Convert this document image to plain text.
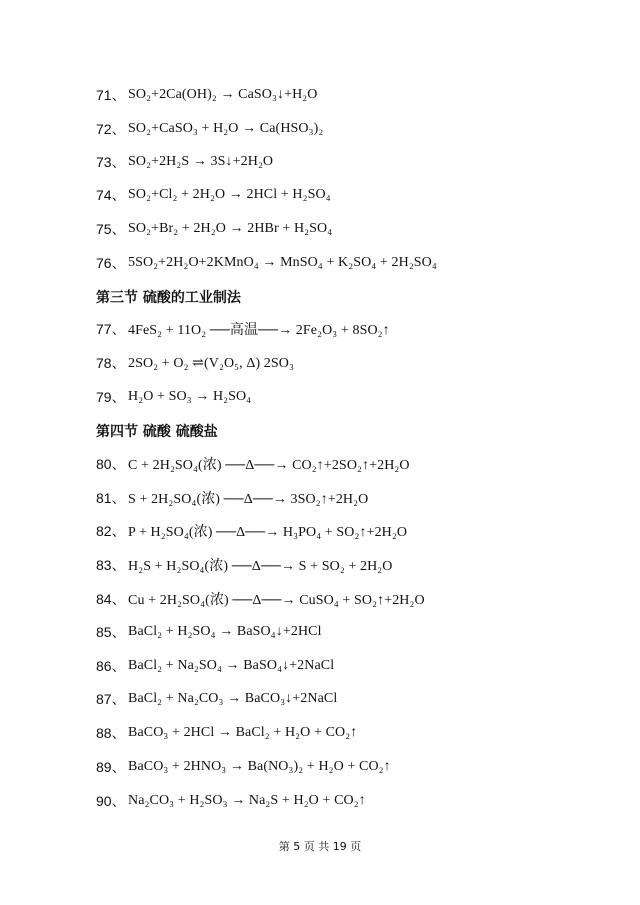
71、 SO₂+2Ca(OH)₂ → CaSO₃↓+H₂O
72、 SO₂+CaSO₃ + H₂O → Ca(HSO₃)₂
73、 SO₂+2H₂S → 3S↓+2H₂O
74、 SO₂+Cl₂ + 2H₂O → 2HCl + H₂SO₄
75、 SO₂+Br₂ + 2H₂O → 2HBr + H₂SO₄
76、 5SO₂+2H₂O+2KMnO₄ → MnSO₄ + K₂SO₄ + 2H₂SO₄
第三节 硫酸的工业制法
77、 4FeS₂ + 11O₂ ──高温──→ 2Fe₂O₃ + 8SO₂↑
78、 2SO₂ + O₂ ⇌(V₂O₅, Δ) 2SO₃
79、 H₂O + SO₃ → H₂SO₄
第四节 硫酸 硫酸盐
80、 C + 2H₂SO₄(浓) ──Δ──→ CO₂↑+2SO₂↑+2H₂O
81、 S + 2H₂SO₄(浓) ──Δ──→ 3SO₂↑+2H₂O
82、 P + H₂SO₄(浓) ──Δ──→ H₃PO₄ + SO₂↑+2H₂O
83、 H₂S + H₂SO₄(浓) ──Δ──→ S + SO₂ + 2H₂O
84、 Cu + 2H₂SO₄(浓) ──Δ──→ CuSO₄ + SO₂↑+2H₂O
85、 BaCl₂ + H₂SO₄ → BaSO₄↓+2HCl
86、 BaCl₂ + Na₂SO₄ → BaSO₄↓+2NaCl
87、 BaCl₂ + Na₂CO₃ → BaCO₃↓+2NaCl
88、 BaCO₃ + 2HCl → BaCl₂ + H₂O + CO₂↑
89、 BaCO₃ + 2HNO₃ → Ba(NO₃)₂ + H₂O + CO₂↑
90、 Na₂CO₃ + H₂SO₃ → Na₂S + H₂O + CO₂↑
第 5 页 共 19 页
